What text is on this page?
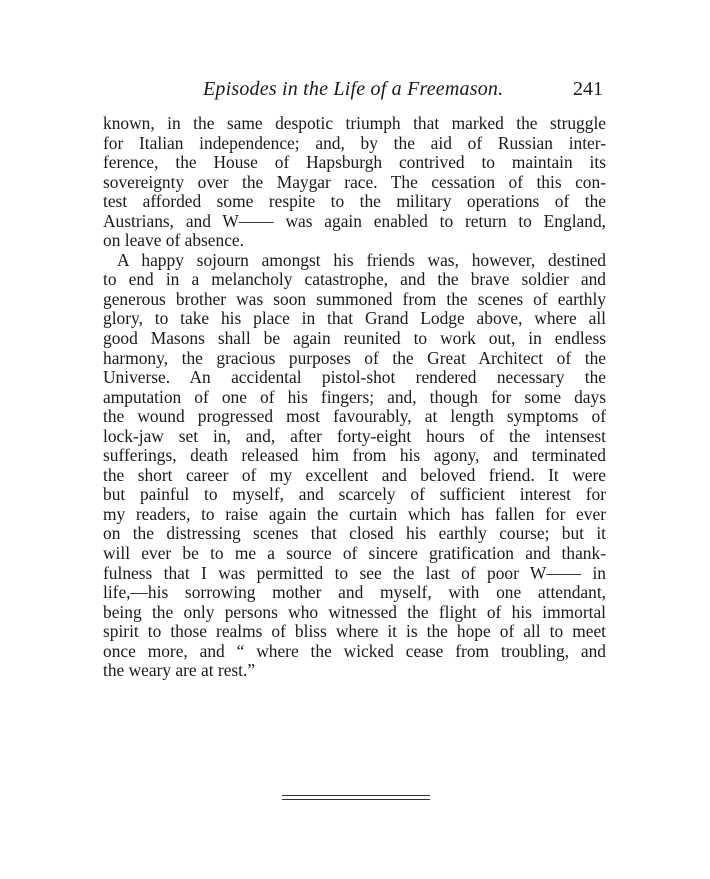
Episodes in the Life of a Freemason.	241
known, in the same despotic triumph that marked the struggle
for Italian independence; and, by the aid of Russian inter-
ference, the House of Hapsburgh contrived to maintain its
sovereignty over the Maygar race. The cessation of this con-
test afforded some respite to the military operations of the
Austrians, and W—— was again enabled to return to England,
on leave of absence.
A happy sojourn amongst his friends was, however, destined
to end in a melancholy catastrophe, and the brave soldier and
generous brother was soon summoned from the scenes of earthly
glory, to take his place in that Grand Lodge above, where all
good Masons shall be again reunited to work out, in endless
harmony, the gracious purposes of the Great Architect of the
Universe. An accidental pistol-shot rendered necessary the
amputation of one of his fingers; and, though for some days
the wound progressed most favourably, at length symptoms of
lock-jaw set in, and, after forty-eight hours of the intensest
sufferings, death released him from his agony, and terminated
the short career of my excellent and beloved friend. It were
but painful to myself, and scarcely of sufficient interest for
my readers, to raise again the curtain which has fallen for ever
on the distressing scenes that closed his earthly course; but it
will ever be to me a source of sincere gratification and thank-
fulness that I was permitted to see the last of poor W—— in
life,—his sorrowing mother and myself, with one attendant,
being the only persons who witnessed the flight of his immortal
spirit to those realms of bliss where it is the hope of all to meet
once more, and “ where the wicked cease from troubling, and
the weary are at rest.”
